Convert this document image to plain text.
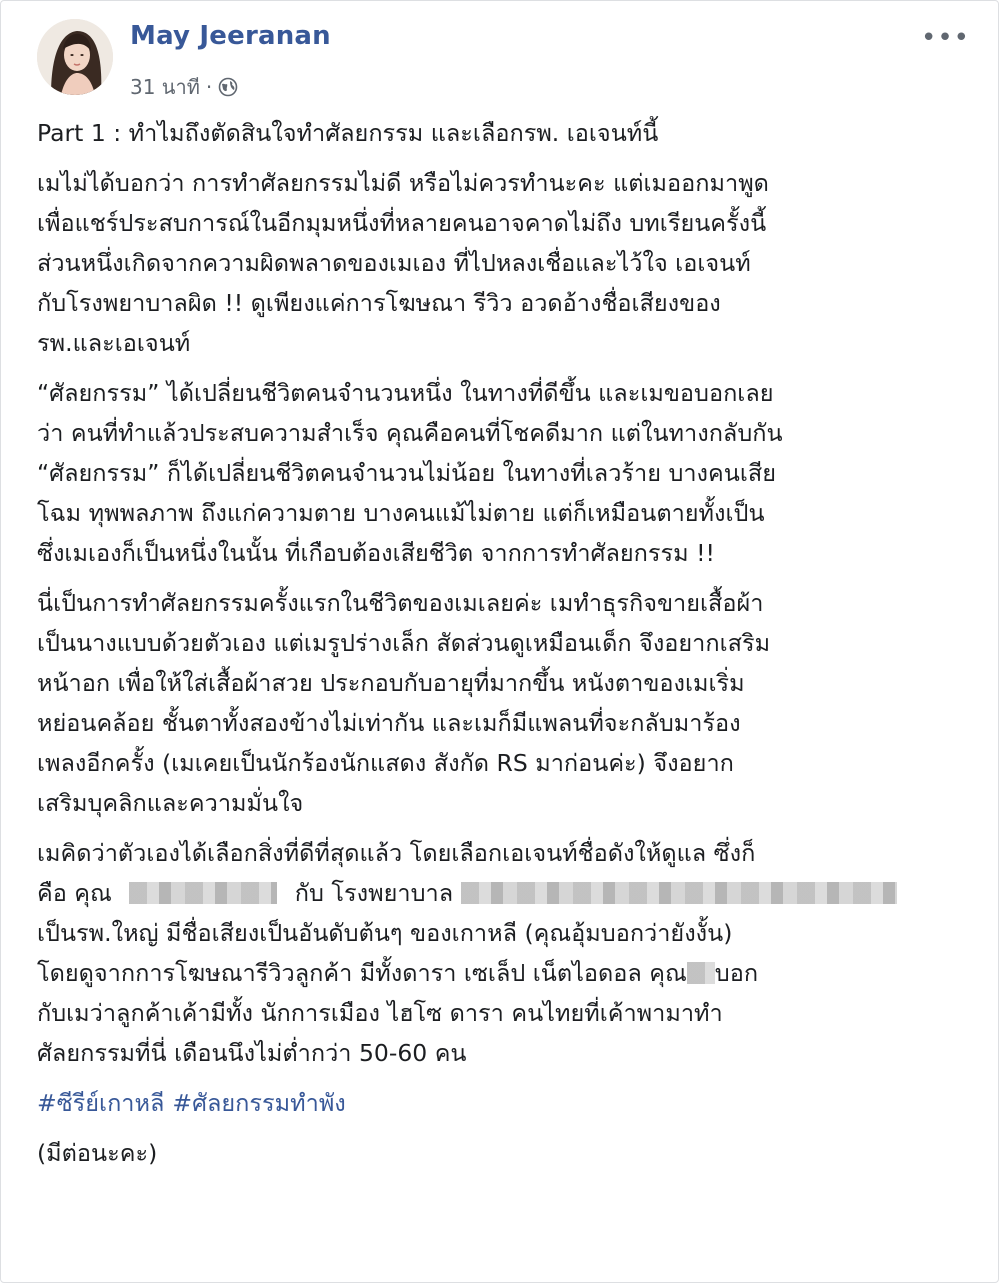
May Jeeranan
31 นาที ·
•••

Part 1 : ทำไมถึงตัดสินใจทำศัลยกรรม และเลือกรพ. เอเจนท์นี้

เมไม่ได้บอกว่า การทำศัลยกรรมไม่ดี หรือไม่ควรทำนะคะ แต่เมออกมาพูด
เพื่อแชร์ประสบการณ์ในอีกมุมหนึ่งที่หลายคนอาจคาดไม่ถึง บทเรียนครั้งนี้
ส่วนหนึ่งเกิดจากความผิดพลาดของเมเอง ที่ไปหลงเชื่อและไว้ใจ เอเจนท์
กับโรงพยาบาลผิด !! ดูเพียงแค่การโฆษณา รีวิว อวดอ้างชื่อเสียงของ
รพ.และเอเจนท์

“ศัลยกรรม” ได้เปลี่ยนชีวิตคนจำนวนหนึ่ง ในทางที่ดีขึ้น และเมขอบอกเลย
ว่า คนที่ทำแล้วประสบความสำเร็จ คุณคือคนที่โชคดีมาก แต่ในทางกลับกัน
“ศัลยกรรม” ก็ได้เปลี่ยนชีวิตคนจำนวนไม่น้อย ในทางที่เลวร้าย บางคนเสีย
โฉม ทุพพลภาพ ถึงแก่ความตาย บางคนแม้ไม่ตาย แต่ก็เหมือนตายทั้งเป็น
ซึ่งเมเองก็เป็นหนึ่งในนั้น ที่เกือบต้องเสียชีวิต จากการทำศัลยกรรม !!

นี่เป็นการทำศัลยกรรมครั้งแรกในชีวิตของเมเลยค่ะ เมทำธุรกิจขายเสื้อผ้า
เป็นนางแบบด้วยตัวเอง แต่เมรูปร่างเล็ก สัดส่วนดูเหมือนเด็ก จึงอยากเสริม
หน้าอก เพื่อให้ใส่เสื้อผ้าสวย ประกอบกับอายุที่มากขึ้น หนังตาของเมเริ่ม
หย่อนคล้อย ชั้นตาทั้งสองข้างไม่เท่ากัน และเมก็มีแพลนที่จะกลับมาร้อง
เพลงอีกครั้ง (เมเคยเป็นนักร้องนักแสดง สังกัด RS มาก่อนค่ะ) จึงอยาก
เสริมบุคลิกและความมั่นใจ

เมคิดว่าตัวเองได้เลือกสิ่งที่ดีที่สุดแล้ว โดยเลือกเอเจนท์ชื่อดังให้ดูแล ซึ่งก็
คือ คุณ	กับ โรงพยาบาล
เป็นรพ.ใหญ่ มีชื่อเสียงเป็นอันดับต้นๆ ของเกาหลี (คุณอุ้มบอกว่ายังงั้น)
โดยดูจากการโฆษณารีวิวลูกค้า มีทั้งดารา เซเล็ป เน็ตไอดอล คุณ บอก
กับเมว่าลูกค้าเค้ามีทั้ง นักการเมือง ไฮโซ ดารา คนไทยที่เค้าพามาทำ
ศัลยกรรมที่นี่ เดือนนึงไม่ต่ำกว่า 50-60 คน

#ซีรีย์เกาหลี #ศัลยกรรมทำพัง

(มีต่อนะคะ)
